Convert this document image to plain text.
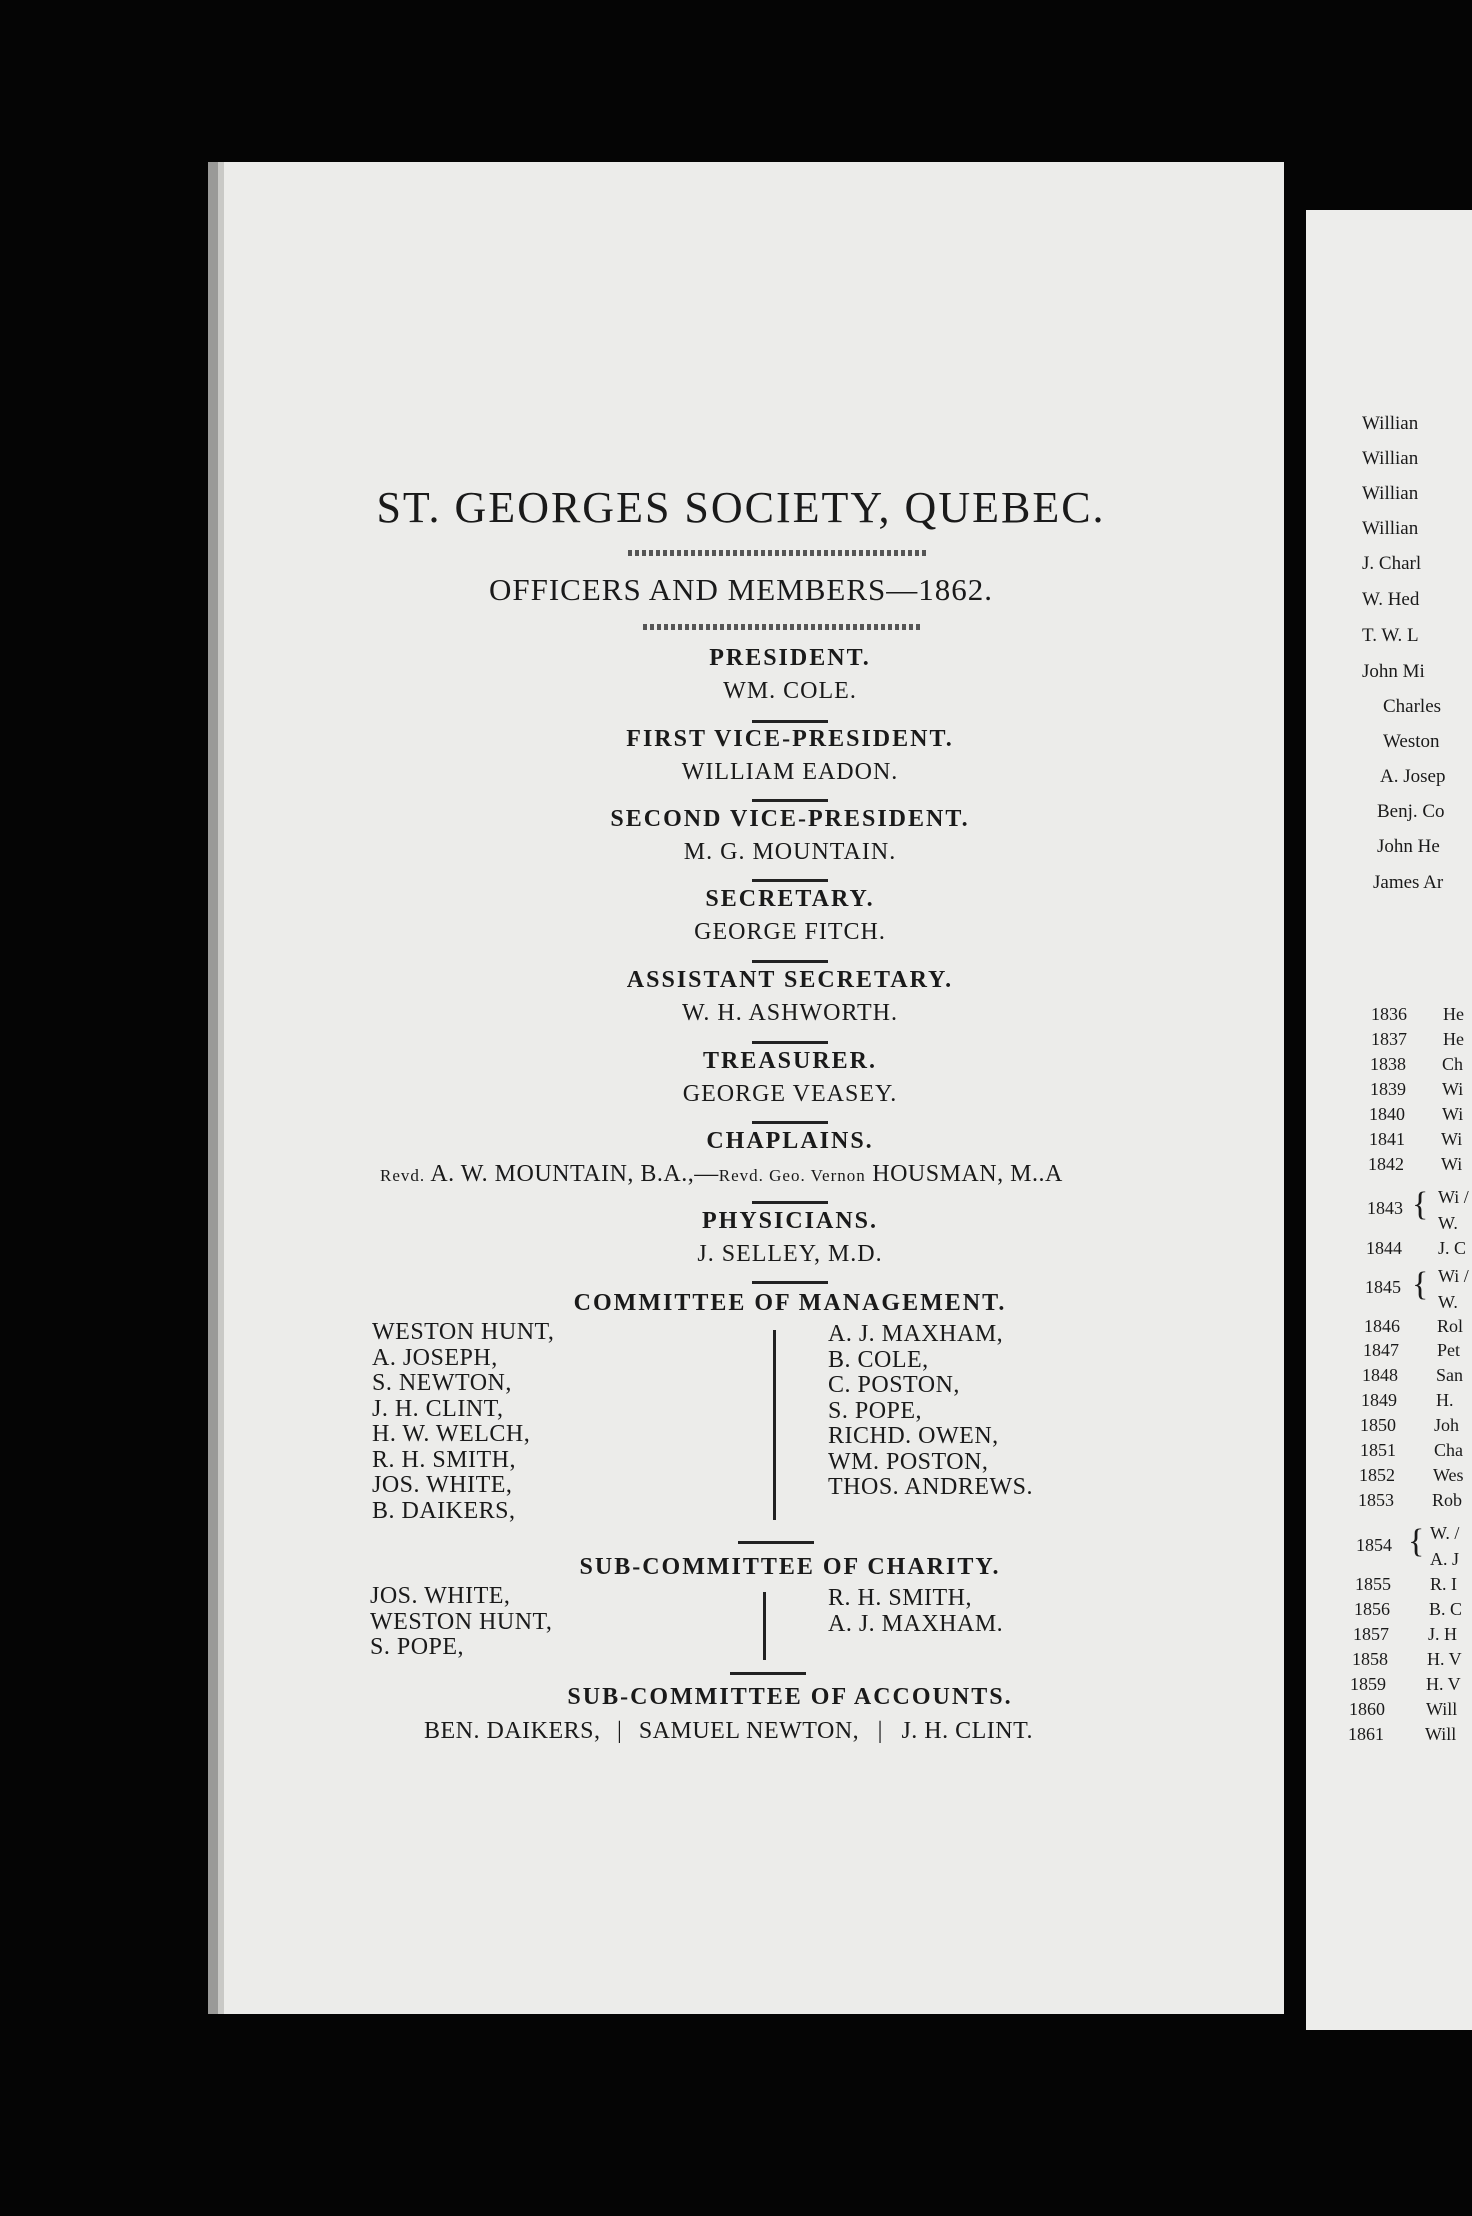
ST. GEORGES SOCIETY, QUEBEC.
OFFICERS AND MEMBERS—1862.
PRESIDENT.
WM. COLE.
FIRST VICE-PRESIDENT.
WILLIAM EADON.
SECOND VICE-PRESIDENT.
M. G. MOUNTAIN.
SECRETARY.
GEORGE FITCH.
ASSISTANT SECRETARY.
W. H. ASHWORTH.
TREASURER.
GEORGE VEASEY.
CHAPLAINS.
Revd. A. W. MOUNTAIN, B.A.,—Revd. Geo. Vernon HOUSMAN, M..A
PHYSICIANS.
J. SELLEY, M.D.
COMMITTEE OF MANAGEMENT.
WESTON HUNT,
A. JOSEPH,
S. NEWTON,
J. H. CLINT,
H. W. WELCH,
R. H. SMITH,
JOS. WHITE,
B. DAIKERS,
A. J. MAXHAM,
B. COLE,
C. POSTON,
S. POPE,
RICHD. OWEN,
WM. POSTON,
THOS. ANDREWS.
SUB-COMMITTEE OF CHARITY.
JOS. WHITE,
WESTON HUNT,
S. POPE,
R. H. SMITH,
A. J. MAXHAM.
SUB-COMMITTEE OF ACCOUNTS.
BEN. DAIKERS, | SAMUEL NEWTON, | J. H. CLINT.
Willian
Willian
Willian
Willian
J. Charl
W. Hed
T. W. L
John Mi
Charles
Weston
A. Josep
Benj. Co
John He
James Ar
1836 He
1837 He
1838 Ch
1839 Wi
1840 Wi
1841 Wi
1842 Wi
1843 { Wi / W.
1844 J. C
1845 { Wi / W.
1846 Rol
1847 Pet
1848 San
1849 H.
1850 Joh
1851 Cha
1852 Wes
1853 Rob
1854 { W. / A. J
1855 R. I
1856 B. C
1857 J. H
1858 H. V
1859 H. V
1860 Will
1861 Will
